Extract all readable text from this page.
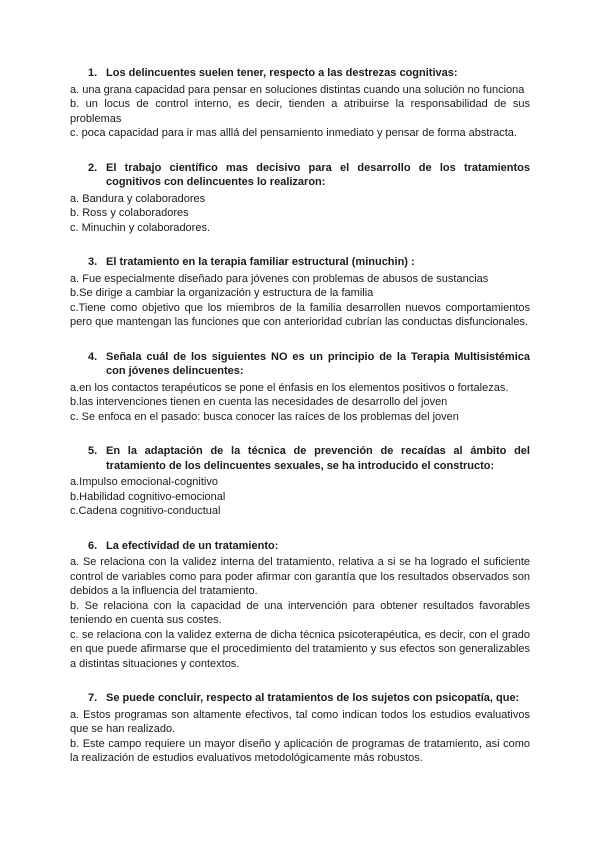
1. Los delincuentes suelen tener, respecto a las destrezas cognitivas:

a. una grana capacidad para pensar en soluciones distintas cuando una solución no funciona

b. un locus de control interno, es decir, tienden a atribuirse la responsabilidad de sus problemas

c. poca capacidad para ir mas alllá del pensamiento inmediato y pensar de forma abstracta.

2. El trabajo científico mas decisivo para el desarrollo de los tratamientos cognitivos con delincuentes lo realizaron:

a. Bandura y colaboradores

b. Ross y colaboradores

c. Minuchin y colaboradores.

3. El tratamiento en la terapia familiar estructural (minuchin) :

a. Fue especialmente diseñado para jóvenes con problemas de abusos de sustancias

b.Se dirige a cambiar la organización y estructura de la familia

c.Tiene como objetivo que los miembros de la familia desarrollen nuevos comportamientos pero que mantengan las funciones que con anterioridad cubrían las conductas disfuncionales.

4. Señala cuál de los siguientes NO es un principio de la Terapia Multisistémica con jóvenes delincuentes:

a.en los contactos terapéuticos se pone el énfasis en los elementos positivos o fortalezas.

b.las intervenciones tienen en cuenta las necesidades de desarrollo del joven

c. Se enfoca en el pasado: busca conocer las raíces de los problemas del joven

5. En la adaptación de la técnica de prevención de recaídas al ámbito del tratamiento de los delincuentes sexuales, se ha introducido el constructo:

a.Impulso emocional-cognitivo

b.Habilidad cognitivo-emocional

c.Cadena cognitivo-conductual

6. La efectividad de un tratamiento:

a. Se relaciona con la validez interna del tratamiento, relativa a si se ha logrado el suficiente control de variables como para poder afirmar con garantía que los resultados observados son debidos a la influencia del tratamiento.

b. Se relaciona con la capacidad de una intervención para obtener resultados favorables teniendo en cuenta sus costes.

c. se relaciona con la validez externa de dicha técnica psicoterapéutica, es decir, con el grado en que puede afirmarse que el procedimiento del tratamiento y sus efectos son generalizables a distintas situaciones y contextos.

7. Se puede concluir, respecto al tratamientos de los sujetos con psicopatía, que:

a. Estos programas son altamente efectivos, tal como indican todos los estudios evaluativos que se han realizado.

b. Este campo requiere un mayor diseño y aplicación de programas de tratamiento, asi como la realización de estudios evaluativos metodológicamente más robustos.
